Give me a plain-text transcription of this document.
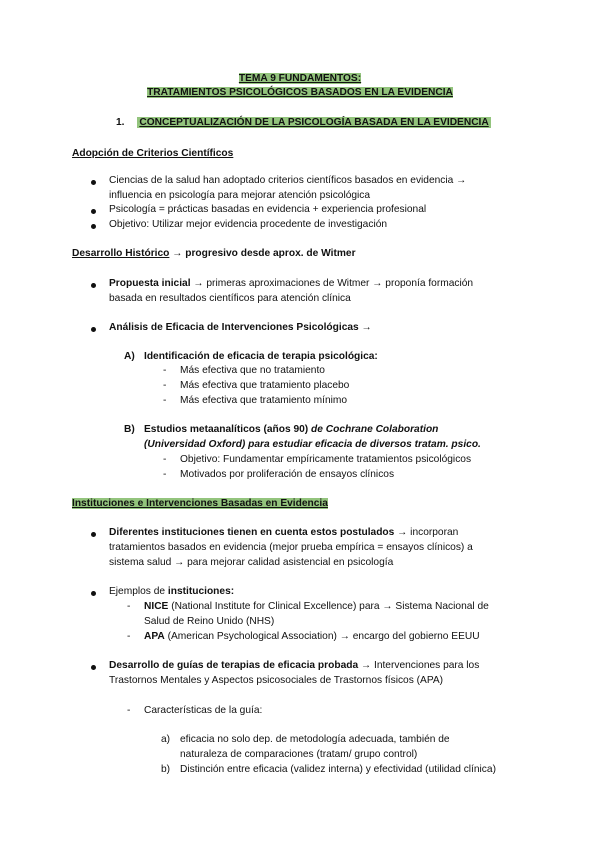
TEMA 9 FUNDAMENTOS:
TRATAMIENTOS PSICOLÓGICOS BASADOS EN LA EVIDENCIA
1. CONCEPTUALIZACIÓN DE LA PSICOLOGÍA BASADA EN LA EVIDENCIA
Adopción de Criterios Científicos
Ciencias de la salud han adoptado criterios científicos basados en evidencia →
influencia en psicología para mejorar atención psicológica
Psicología = prácticas basadas en evidencia + experiencia profesional
Objetivo: Utilizar mejor evidencia procedente de investigación
Desarrollo Histórico → progresivo desde aprox. de Witmer
Propuesta inicial → primeras aproximaciones de Witmer → proponía formación
basada en resultados científicos para atención clínica
Análisis de Eficacia de Intervenciones Psicológicas →
A) Identificación de eficacia de terapia psicológica:
- Más efectiva que no tratamiento
- Más efectiva que tratamiento placebo
- Más efectiva que tratamiento mínimo
B) Estudios metaanalíticos (años 90) de Cochrane Colaboration
(Universidad Oxford) para estudiar eficacia de diversos tratam. psico.
- Objetivo: Fundamentar empíricamente tratamientos psicológicos
- Motivados por proliferación de ensayos clínicos
Instituciones e Intervenciones Basadas en Evidencia
Diferentes instituciones tienen en cuenta estos postulados → incorporan
tratamientos basados en evidencia (mejor prueba empírica = ensayos clínicos) a
sistema salud → para mejorar calidad asistencial en psicología
Ejemplos de instituciones:
- NICE (National Institute for Clinical Excellence) para → Sistema Nacional de
Salud de Reino Unido (NHS)
- APA (American Psychological Association) → encargo del gobierno EEUU
Desarrollo de guías de terapias de eficacia probada → Intervenciones para los
Trastornos Mentales y Aspectos psicosociales de Trastornos físicos (APA)
- Características de la guía:
a) eficacia no solo dep. de metodología adecuada, también de
naturaleza de comparaciones (tratam/ grupo control)
b) Distinción entre eficacia (validez interna) y efectividad (utilidad clínica)
